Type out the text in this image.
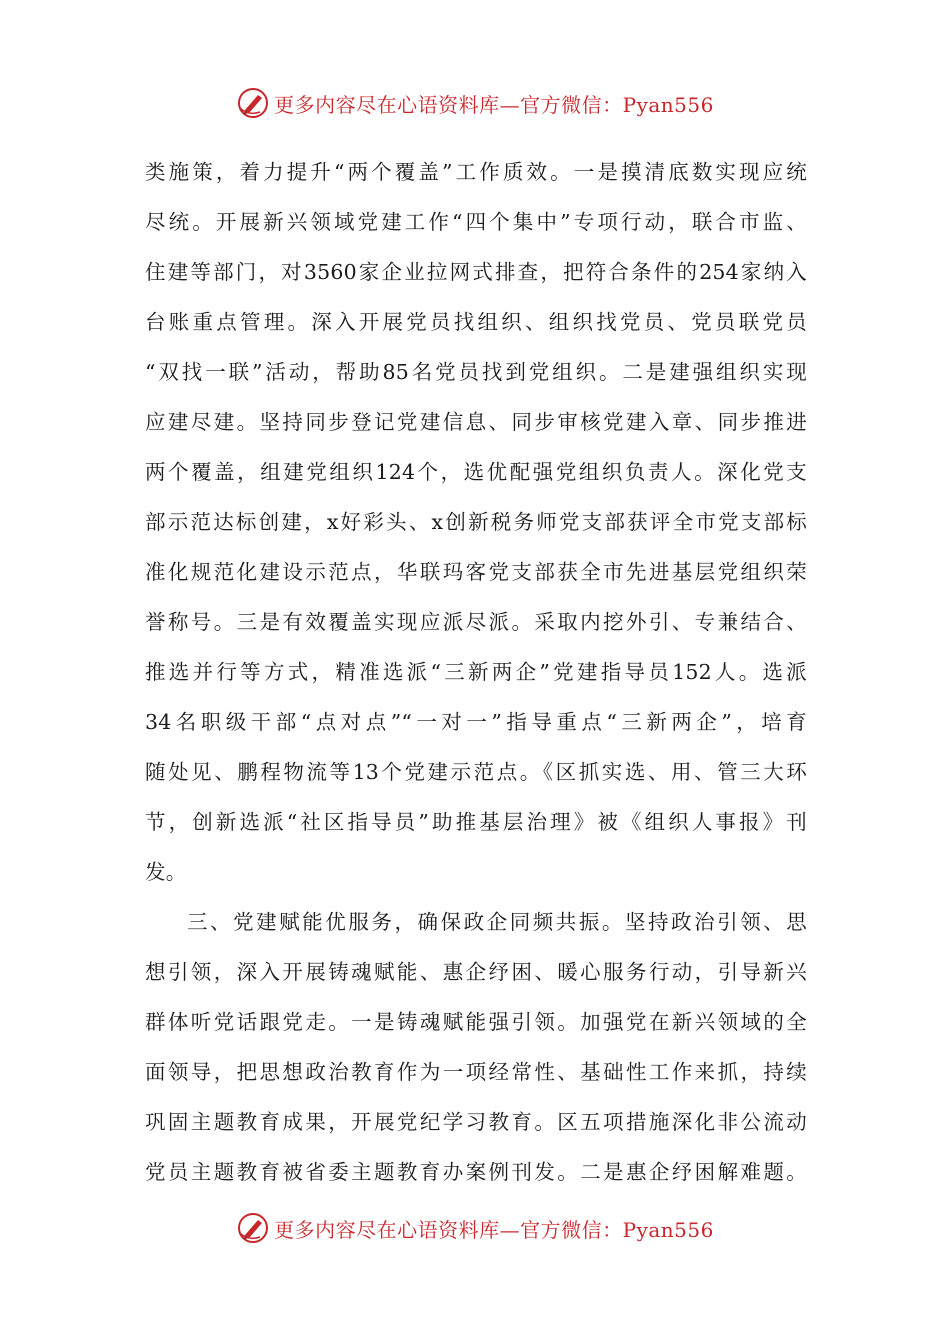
更多内容尽在心语资料库—官方微信：Pyan556
类施策，着力提升“两个覆盖”工作质效。一是摸清底数实现应统
尽统。开展新兴领域党建工作“四个集中”专项行动，联合市监、
住建等部门，对3560家企业拉网式排查，把符合条件的254家纳入
台账重点管理。深入开展党员找组织、组织找党员、党员联党员
“双找一联”活动，帮助85名党员找到党组织。二是建强组织实现
应建尽建。坚持同步登记党建信息、同步审核党建入章、同步推进
两个覆盖，组建党组织124个，选优配强党组织负责人。深化党支
部示范达标创建，x好彩头、x创新税务师党支部获评全市党支部标
准化规范化建设示范点，华联玛客党支部获全市先进基层党组织荣
誉称号。三是有效覆盖实现应派尽派。采取内挖外引、专兼结合、
推选并行等方式，精准选派“三新两企”党建指导员152人。选派
34名职级干部“点对点”“一对一”指导重点“三新两企”，培育
随处见、鹏程物流等13个党建示范点。《区抓实选、用、管三大环
节，创新选派“社区指导员”助推基层治理》被《组织人事报》刊
发。
三、党建赋能优服务，确保政企同频共振。坚持政治引领、思
想引领，深入开展铸魂赋能、惠企纾困、暖心服务行动，引导新兴
群体听党话跟党走。一是铸魂赋能强引领。加强党在新兴领域的全
面领导，把思想政治教育作为一项经常性、基础性工作来抓，持续
巩固主题教育成果，开展党纪学习教育。区五项措施深化非公流动
党员主题教育被省委主题教育办案例刊发。二是惠企纾困解难题。
更多内容尽在心语资料库—官方微信：Pyan556
